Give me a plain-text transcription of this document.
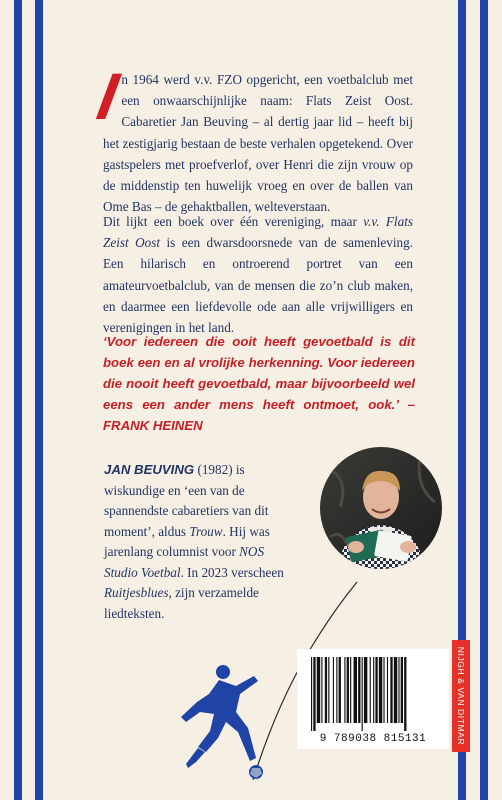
I

n 1964 werd v.v. FZO opgericht, een voetbalclub met een onwaarschijnlijke naam: Flats Zeist Oost. Cabaretier Jan Beuving – al dertig jaar lid – heeft bij het zestigjarig bestaan de beste verhalen opgetekend. Over gastspelers met proefverlof, over Henri die zijn vrouw op de middenstip ten huwelijk vroeg en over de ballen van Ome Bas – de gehaktballen, welteverstaan.

Dit lijkt een boek over één vereniging, maar v.v. Flats Zeist Oost is een dwarsdoorsnede van de samenleving. Een hilarisch en ontroerend portret van een amateurvoetbalclub, van de mensen die zo’n club maken, en daarmee een liefdevolle ode aan alle vrijwilligers en verenigingen in het land.

‘Voor iedereen die ooit heeft gevoetbald is dit boek een en al vrolijke herkenning. Voor iedereen die nooit heeft gevoetbald, maar bijvoorbeeld wel eens een ander mens heeft ontmoet, ook.’ – FRANK HEINEN

JAN BEUVING (1982) is wiskundige en ‘een van de spannendste cabaretiers van dit moment’, aldus Trouw. Hij was jarenlang columnist voor NOS Studio Voetbal. In 2023 verscheen Ruitjesblues, zijn verzamelde liedteksten.

9 789038 815131	NIJGH & VAN DITMAR
